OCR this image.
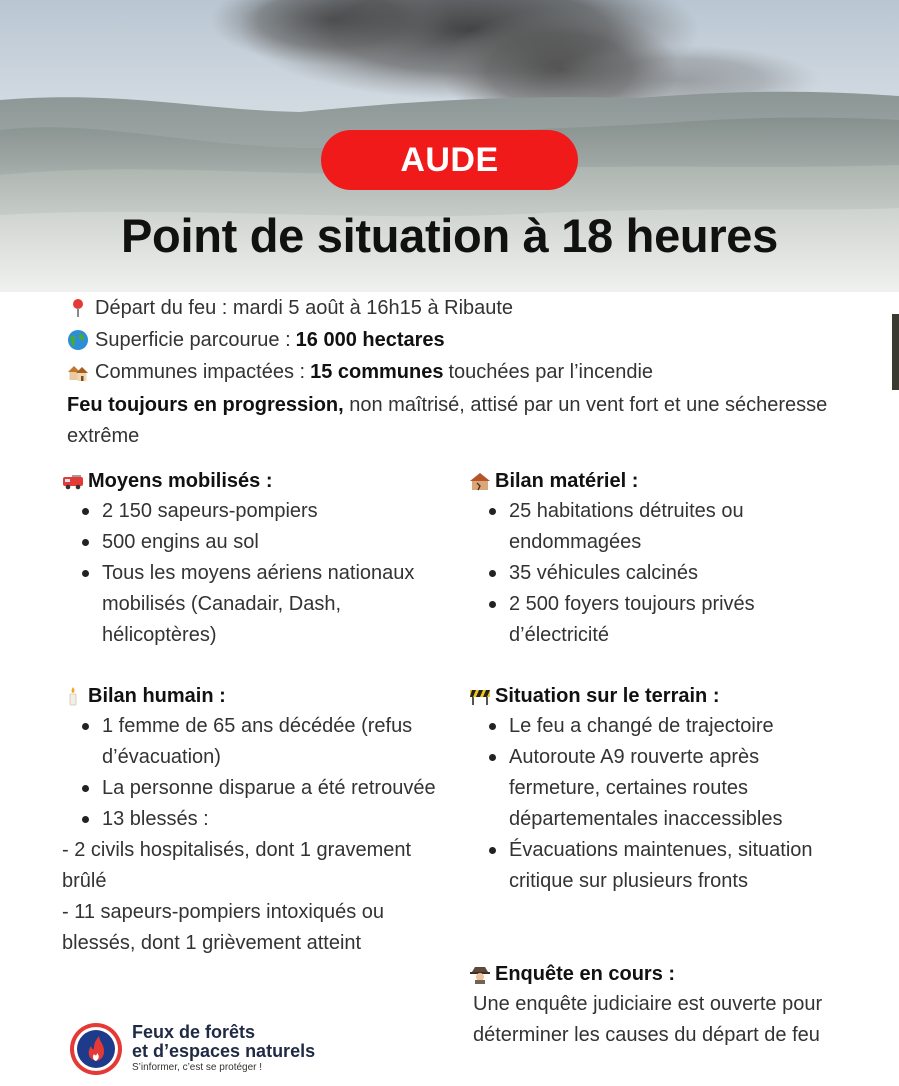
AUDE
Point de situation à 18 heures
Départ du feu : mardi 5 août à 16h15 à Ribaute
Superficie parcourue : 16 000 hectares
Communes impactées : 15 communes touchées par l’incendie
Feu toujours en progression, non maîtrisé, attisé par un vent fort et une sécheresse extrême
Moyens mobilisés :
2 150 sapeurs-pompiers
500 engins au sol
Tous les moyens aériens nationaux mobilisés (Canadair, Dash, hélicoptères)
Bilan humain :
1 femme de 65 ans décédée (refus d’évacuation)
La personne disparue a été retrouvée
13 blessés :
- 2 civils hospitalisés, dont 1 gravement brûlé
- 11 sapeurs-pompiers intoxiqués ou blessés, dont 1 grièvement atteint
Bilan matériel :
25 habitations détruites ou endommagées
35 véhicules calcinés
2 500 foyers toujours privés d’électricité
Situation sur le terrain :
Le feu a changé de trajectoire
Autoroute A9 rouverte après fermeture, certaines routes départementales inaccessibles
Évacuations maintenues, situation critique sur plusieurs fronts
Enquête en cours :
Une enquête judiciaire est ouverte pour déterminer les causes du départ de feu
Feux de forêts
et d’espaces naturels
S’informer, c’est se protéger !
